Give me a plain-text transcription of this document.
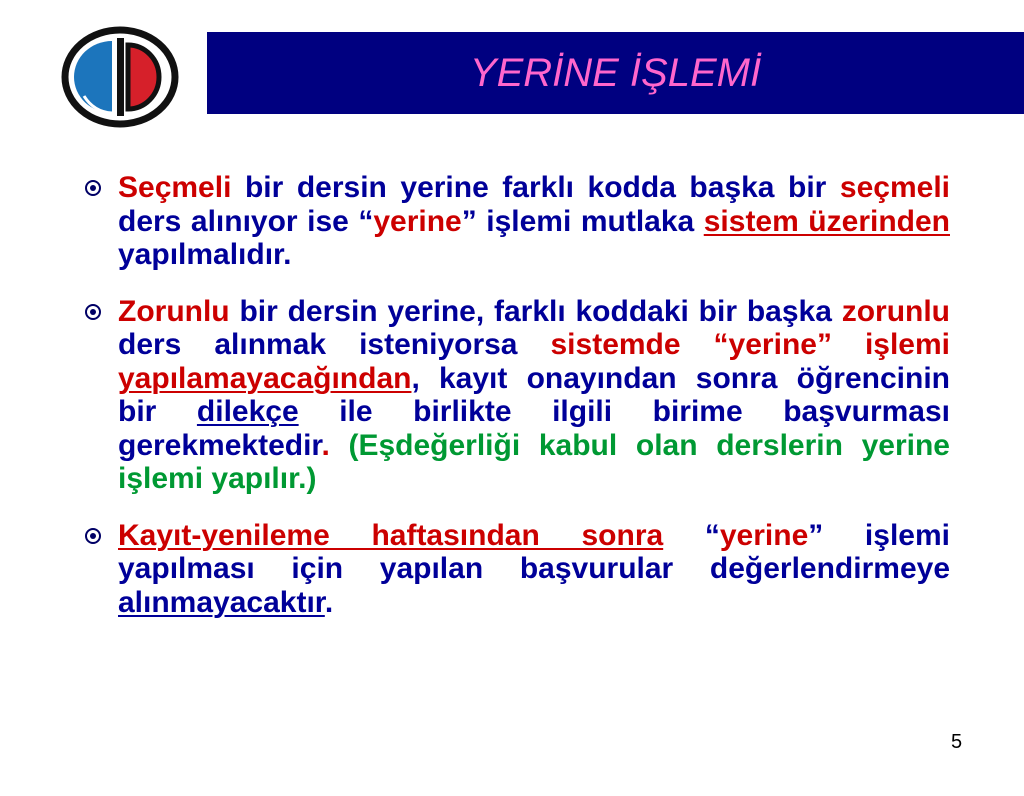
YERİNE İŞLEMİ

Seçmeli bir dersin yerine farklı kodda başka bir seçmeli ders alınıyor ise “yerine” işlemi mutlaka sistem üzerinden yapılmalıdır.

Zorunlu bir dersin yerine, farklı koddaki bir başka zorunlu ders alınmak isteniyorsa sistemde “yerine” işlemi yapılamayacağından, kayıt onayından sonra öğrencinin bir dilekçe ile birlikte ilgili birime başvurması gerekmektedir. (Eşdeğerliği kabul olan derslerin yerine işlemi yapılır.)

Kayıt-yenileme haftasından sonra “yerine” işlemi yapılması için yapılan başvurular değerlendirmeye alınmayacaktır.

5
